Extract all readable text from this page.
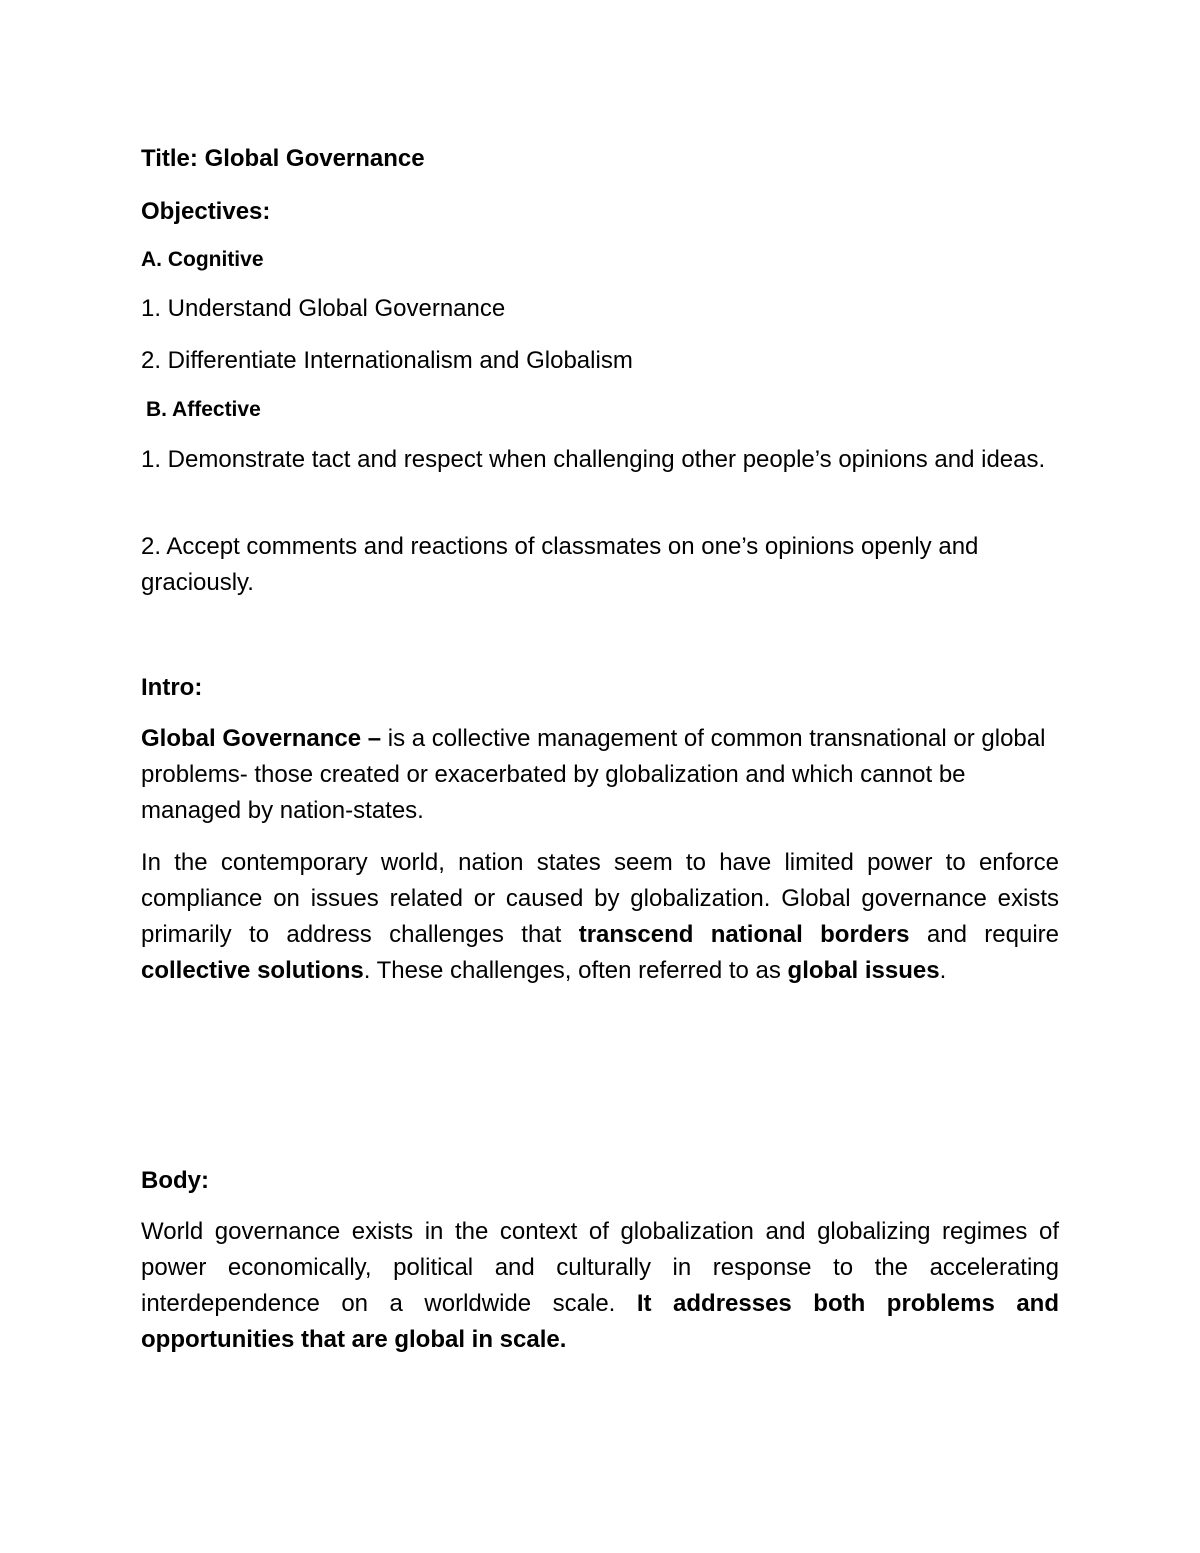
Title: Global Governance

Objectives:

A. Cognitive

1. Understand Global Governance

2. Differentiate Internationalism and Globalism

B. Affective

1. Demonstrate tact and respect when challenging other people’s opinions and ideas.

2. Accept comments and reactions of classmates on one’s opinions openly and graciously.

Intro:

Global Governance – is a collective management of common transnational or global problems- those created or exacerbated by globalization and which cannot be managed by nation-states.

In the contemporary world, nation states seem to have limited power to enforce compliance on issues related or caused by globalization. Global governance exists primarily to address challenges that transcend national borders and require collective solutions. These challenges, often referred to as global issues.

Body:

World governance exists in the context of globalization and globalizing regimes of power economically, political and culturally in response to the accelerating interdependence on a worldwide scale. It addresses both problems and opportunities that are global in scale.
